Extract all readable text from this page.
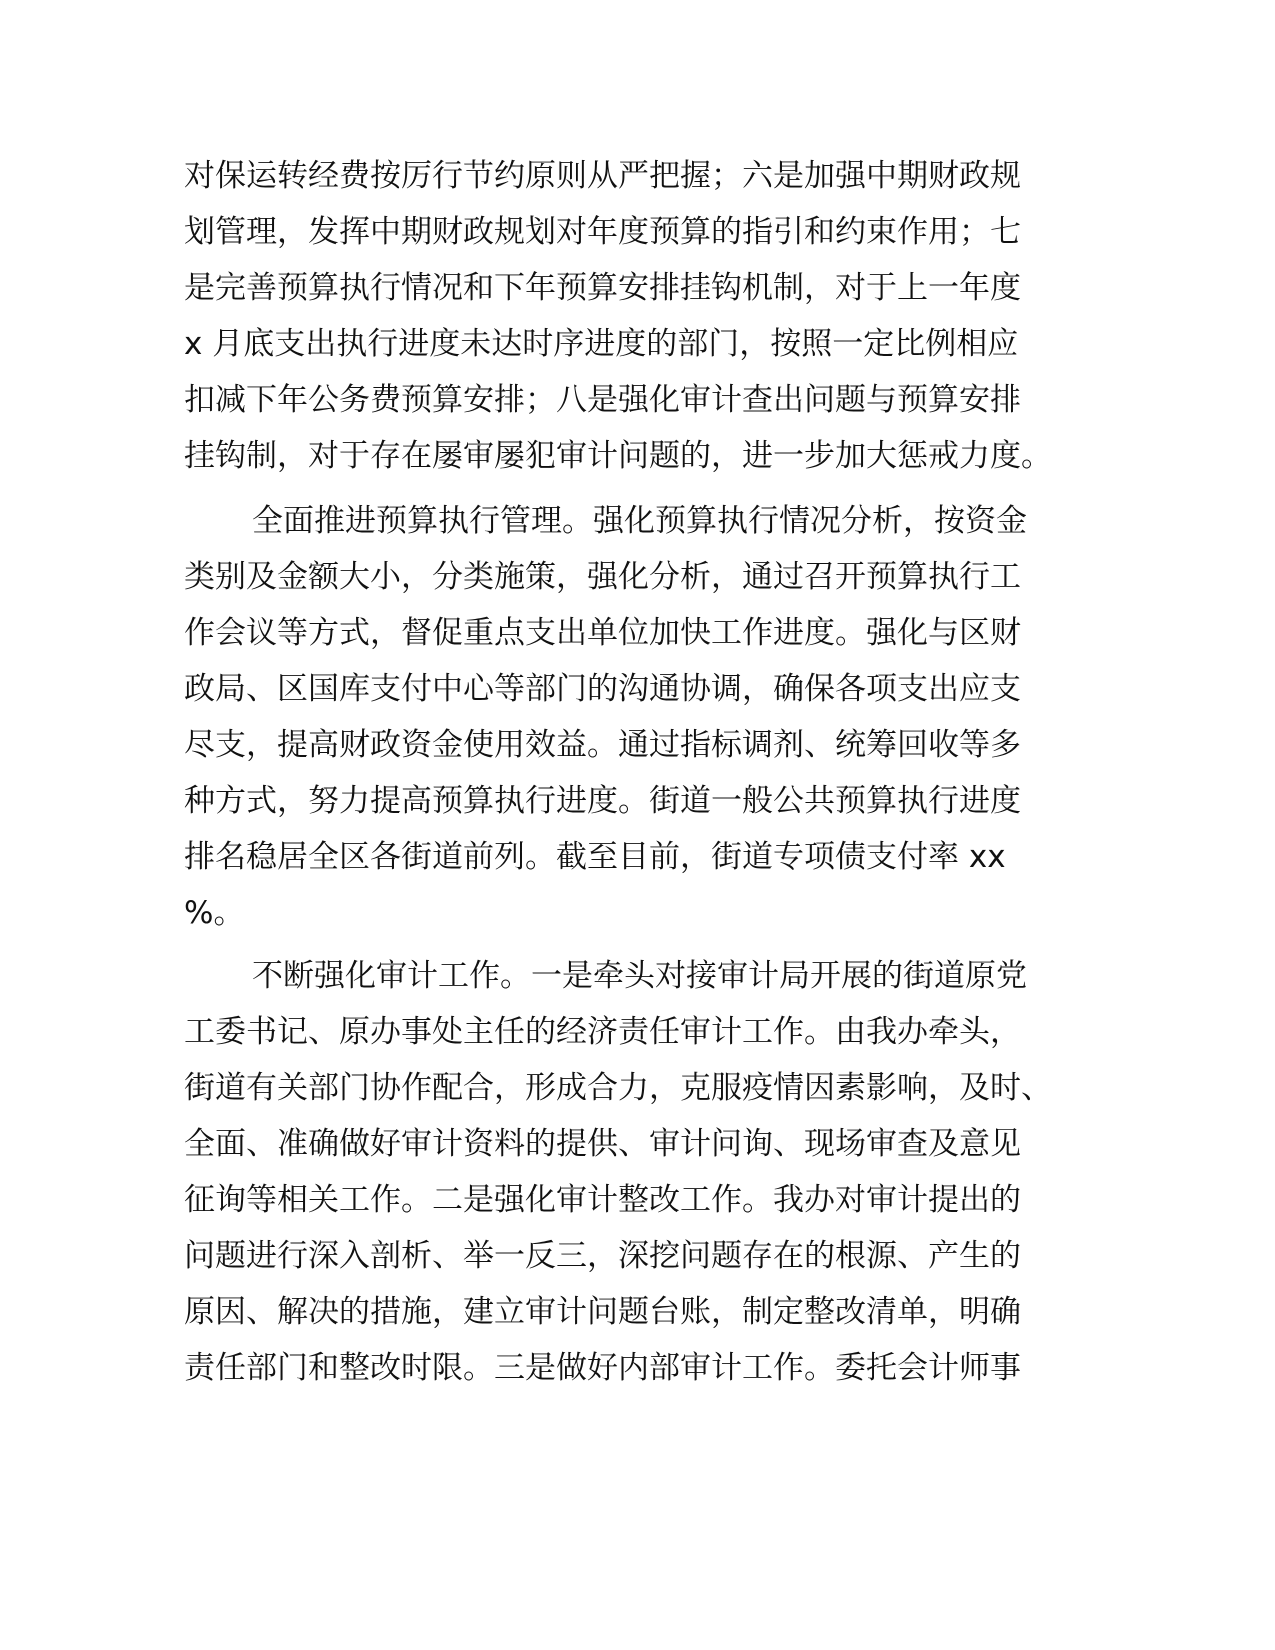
对保运转经费按厉行节约原则从严把握；六是加强中期财政规
划管理，发挥中期财政规划对年度预算的指引和约束作用；七
是完善预算执行情况和下年预算安排挂钩机制，对于上一年度
x 月底支出执行进度未达时序进度的部门，按照一定比例相应
扣减下年公务费预算安排；八是强化审计查出问题与预算安排
挂钩制，对于存在屡审屡犯审计问题的，进一步加大惩戒力度。
全面推进预算执行管理。强化预算执行情况分析，按资金
类别及金额大小，分类施策，强化分析，通过召开预算执行工
作会议等方式，督促重点支出单位加快工作进度。强化与区财
政局、区国库支付中心等部门的沟通协调，确保各项支出应支
尽支，提高财政资金使用效益。通过指标调剂、统筹回收等多
种方式，努力提高预算执行进度。街道一般公共预算执行进度
排名稳居全区各街道前列。截至目前，街道专项债支付率 xx
%。
不断强化审计工作。一是牵头对接审计局开展的街道原党
工委书记、原办事处主任的经济责任审计工作。由我办牵头，
街道有关部门协作配合，形成合力，克服疫情因素影响，及时、
全面、准确做好审计资料的提供、审计问询、现场审查及意见
征询等相关工作。二是强化审计整改工作。我办对审计提出的
问题进行深入剖析、举一反三，深挖问题存在的根源、产生的
原因、解决的措施，建立审计问题台账，制定整改清单，明确
责任部门和整改时限。三是做好内部审计工作。委托会计师事
